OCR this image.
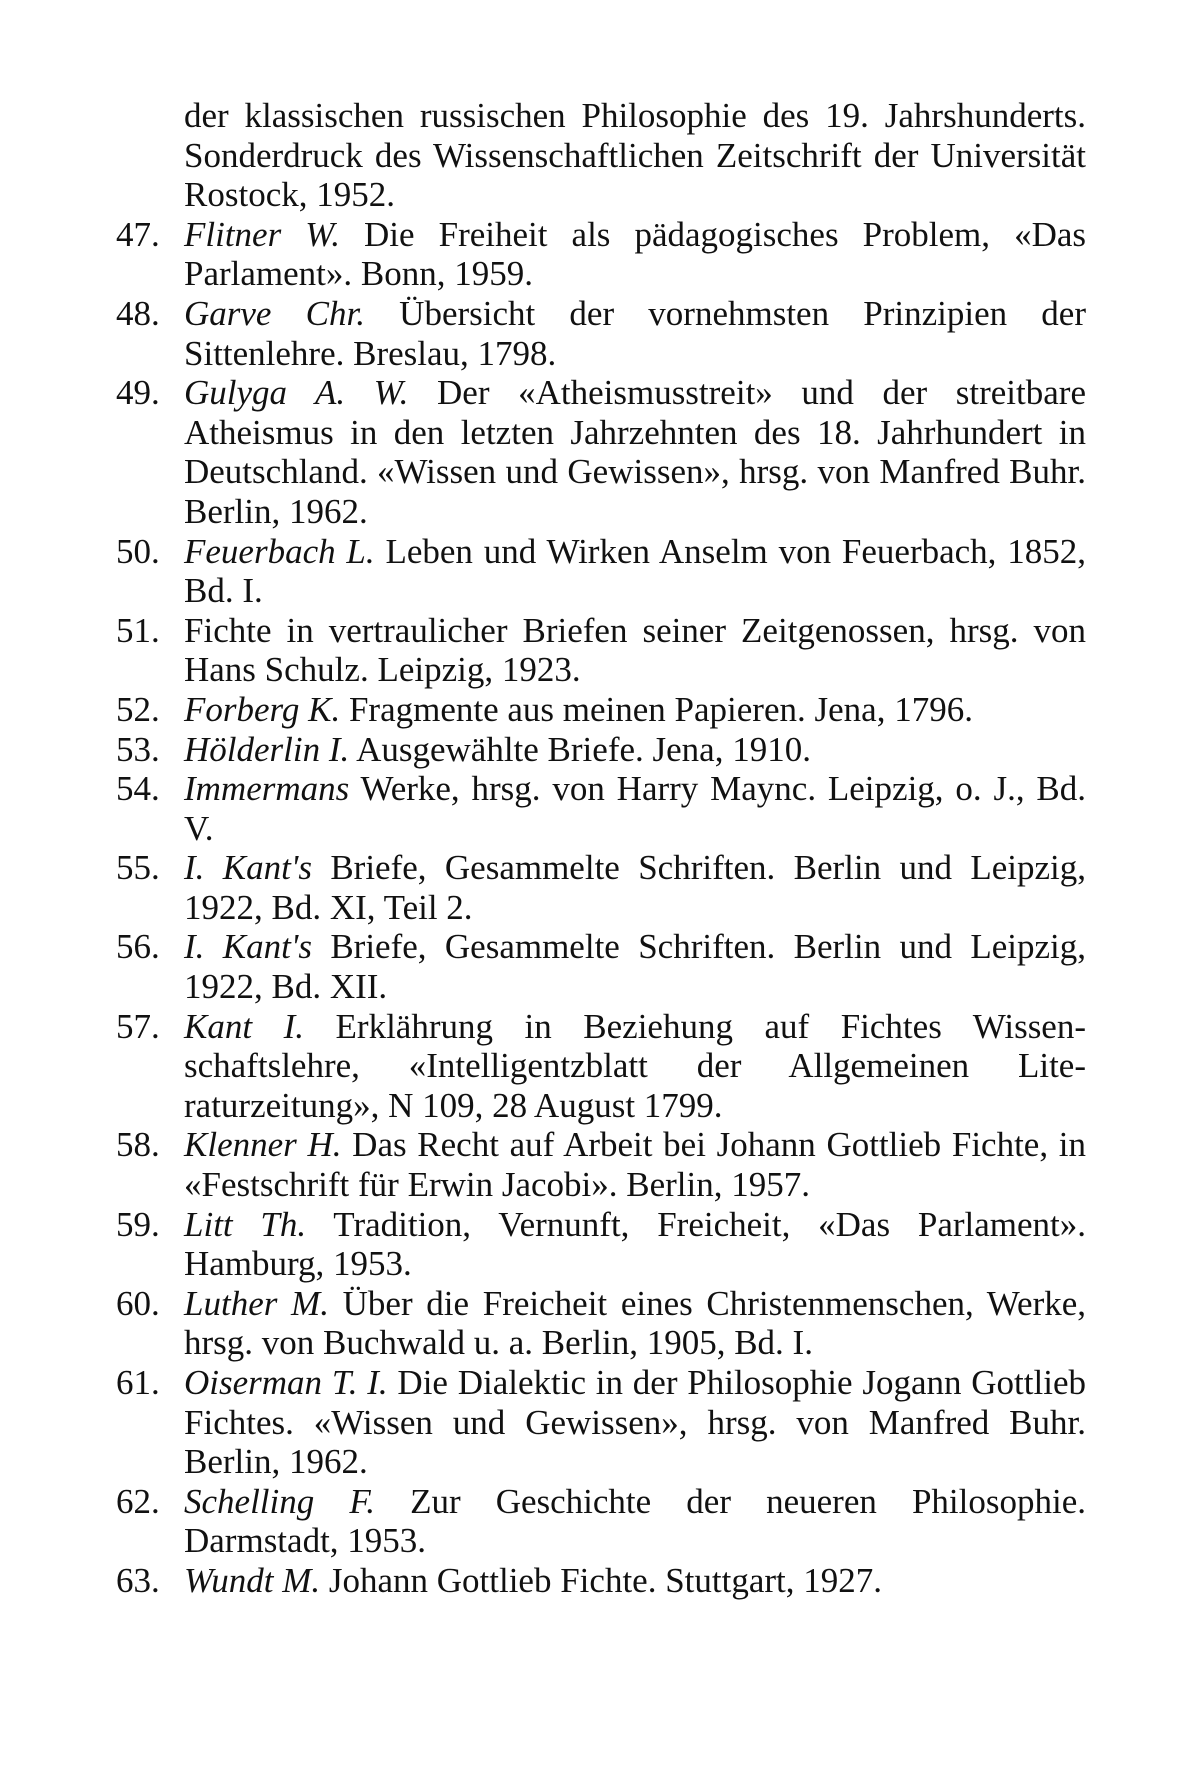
der klassischen russischen Philosophie des 19. Jahrshunderts. Sonderdruck des Wissenschaftlichen Zeitschrift der Universität Rostock, 1952.
47. Flitner W. Die Freiheit als pädagogisches Problem, «Das Parlament». Bonn, 1959.
48. Garve Chr. Übersicht der vornehmsten Prinzipien der Sittenlehre. Breslau, 1798.
49. Gulyga A. W. Der «Atheismusstreit» und der streitbare Atheismus in den letzten Jahrzehnten des 18. Jahrhundert in Deutschland. «Wissen und Gewissen», hrsg. von Manfred Buhr. Berlin, 1962.
50. Feuerbach L. Leben und Wirken Anselm von Feuerbach, 1852, Bd. I.
51. Fichte in vertraulicher Briefen seiner Zeitgenossen, hrsg. von Hans Schulz. Leipzig, 1923.
52. Forberg K. Fragmente aus meinen Papieren. Jena, 1796.
53. Hölderlin I. Ausgewählte Briefe. Jena, 1910.
54. Immermans Werke, hrsg. von Harry Maync. Leipzig, o. J., Bd. V.
55. I. Kant's Briefe, Gesammelte Schriften. Berlin und Leipzig, 1922, Bd. XI, Teil 2.
56. I. Kant's Briefe, Gesammelte Schriften. Berlin und Leipzig, 1922, Bd. XII.
57. Kant I. Erklährung in Beziehung auf Fichtes Wissenschaftslehre, «Intelligentzblatt der Allgemeinen Literaturzeitung», N 109, 28 August 1799.
58. Klenner H. Das Recht auf Arbeit bei Johann Gottlieb Fichte, in «Festschrift für Erwin Jacobi». Berlin, 1957.
59. Litt Th. Tradition, Vernunft, Freicheit, «Das Parlament». Hamburg, 1953.
60. Luther M. Über die Freicheit eines Christenmenschen, Werke, hrsg. von Buchwald u. a. Berlin, 1905, Bd. I.
61. Oiserman T. I. Die Dialektic in der Philosophie Jogann Gottlieb Fichtes. «Wissen und Gewissen», hrsg. von Manfred Buhr. Berlin, 1962.
62. Schelling F. Zur Geschichte der neueren Philosophie. Darmstadt, 1953.
63. Wundt M. Johann Gottlieb Fichte. Stuttgart, 1927.
